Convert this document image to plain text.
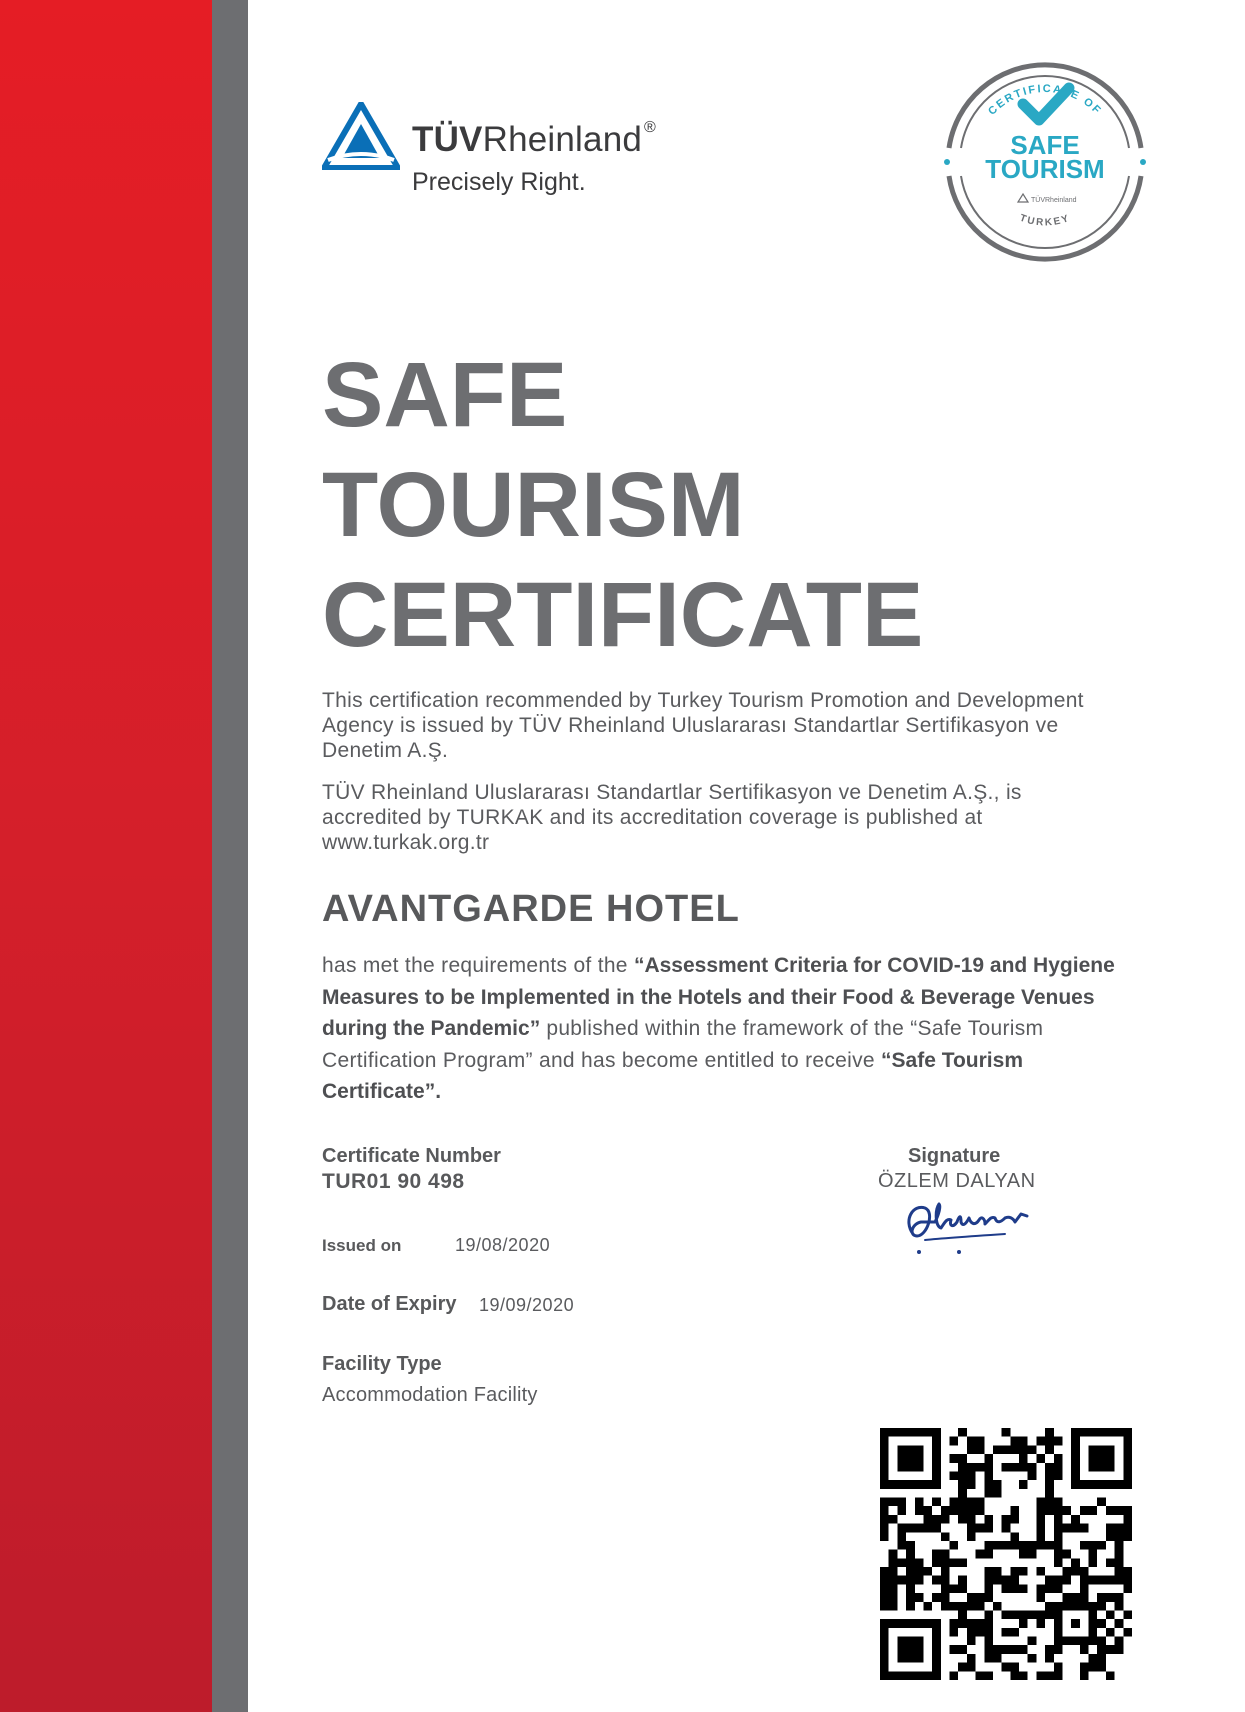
TÜVRheinland ®
Precisely Right.
CERTIFICATE OF
SAFE
TOURISM
TÜVRheinland
TURKEY
SAFE
TOURISM
CERTIFICATE
This certification recommended by Turkey Tourism Promotion and Development Agency is issued by TÜV Rheinland Uluslararası Standartlar Sertifikasyon ve Denetim A.Ş.
TÜV Rheinland Uluslararası Standartlar Sertifikasyon ve Denetim A.Ş., is accredited by TURKAK and its accreditation coverage is published at www.turkak.org.tr
AVANTGARDE HOTEL
has met the requirements of the “Assessment Criteria for COVID-19 and Hygiene Measures to be Implemented in the Hotels and their Food & Beverage Venues during the Pandemic” published within the framework of the “Safe Tourism Certification Program” and has become entitled to receive “Safe Tourism Certificate”.
Certificate Number
TUR01 90 498
Issued on	19/08/2020
Date of Expiry 19/09/2020
Facility Type
Accommodation Facility
Signature
ÖZLEM DALYAN
